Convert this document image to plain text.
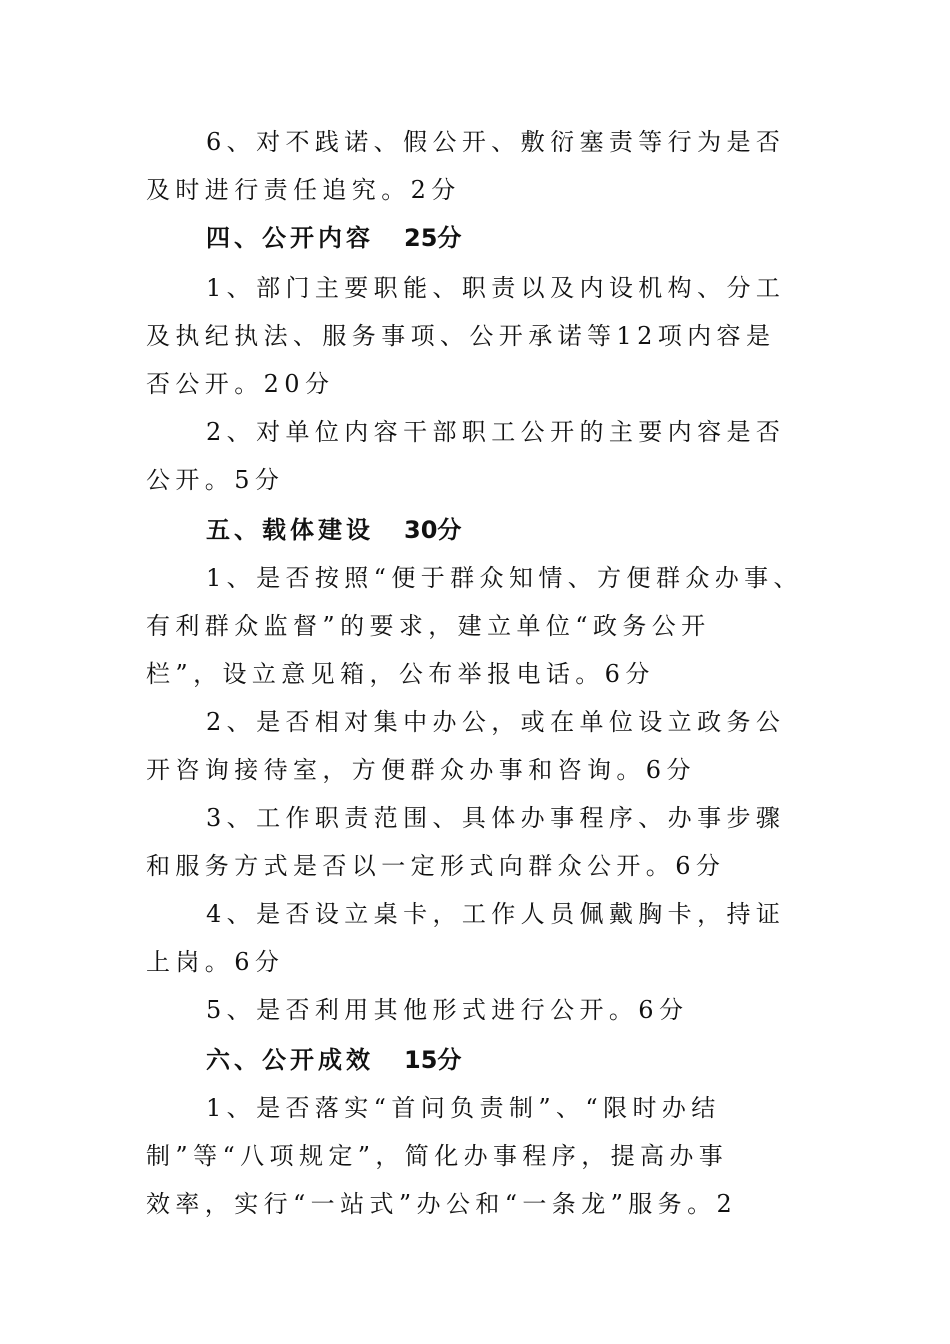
6、对不践诺、假公开、敷衍塞责等行为是否
及时进行责任追究。2分
四、公开内容 25分
1、部门主要职能、职责以及内设机构、分工
及执纪执法、服务事项、公开承诺等12项内容是
否公开。20分
2、对单位内容干部职工公开的主要内容是否
公开。5分
五、载体建设 30分
1、是否按照“便于群众知情、方便群众办事、
有利群众监督”的要求，建立单位“政务公开
栏”，设立意见箱，公布举报电话。6分
2、是否相对集中办公，或在单位设立政务公
开咨询接待室，方便群众办事和咨询。6分
3、工作职责范围、具体办事程序、办事步骤
和服务方式是否以一定形式向群众公开。6分
4、是否设立桌卡，工作人员佩戴胸卡，持证
上岗。6分
5、是否利用其他形式进行公开。6分
六、公开成效 15分
1、是否落实“首问负责制”、“限时办结
制”等“八项规定”，简化办事程序，提高办事
效率，实行“一站式”办公和“一条龙”服务。2
